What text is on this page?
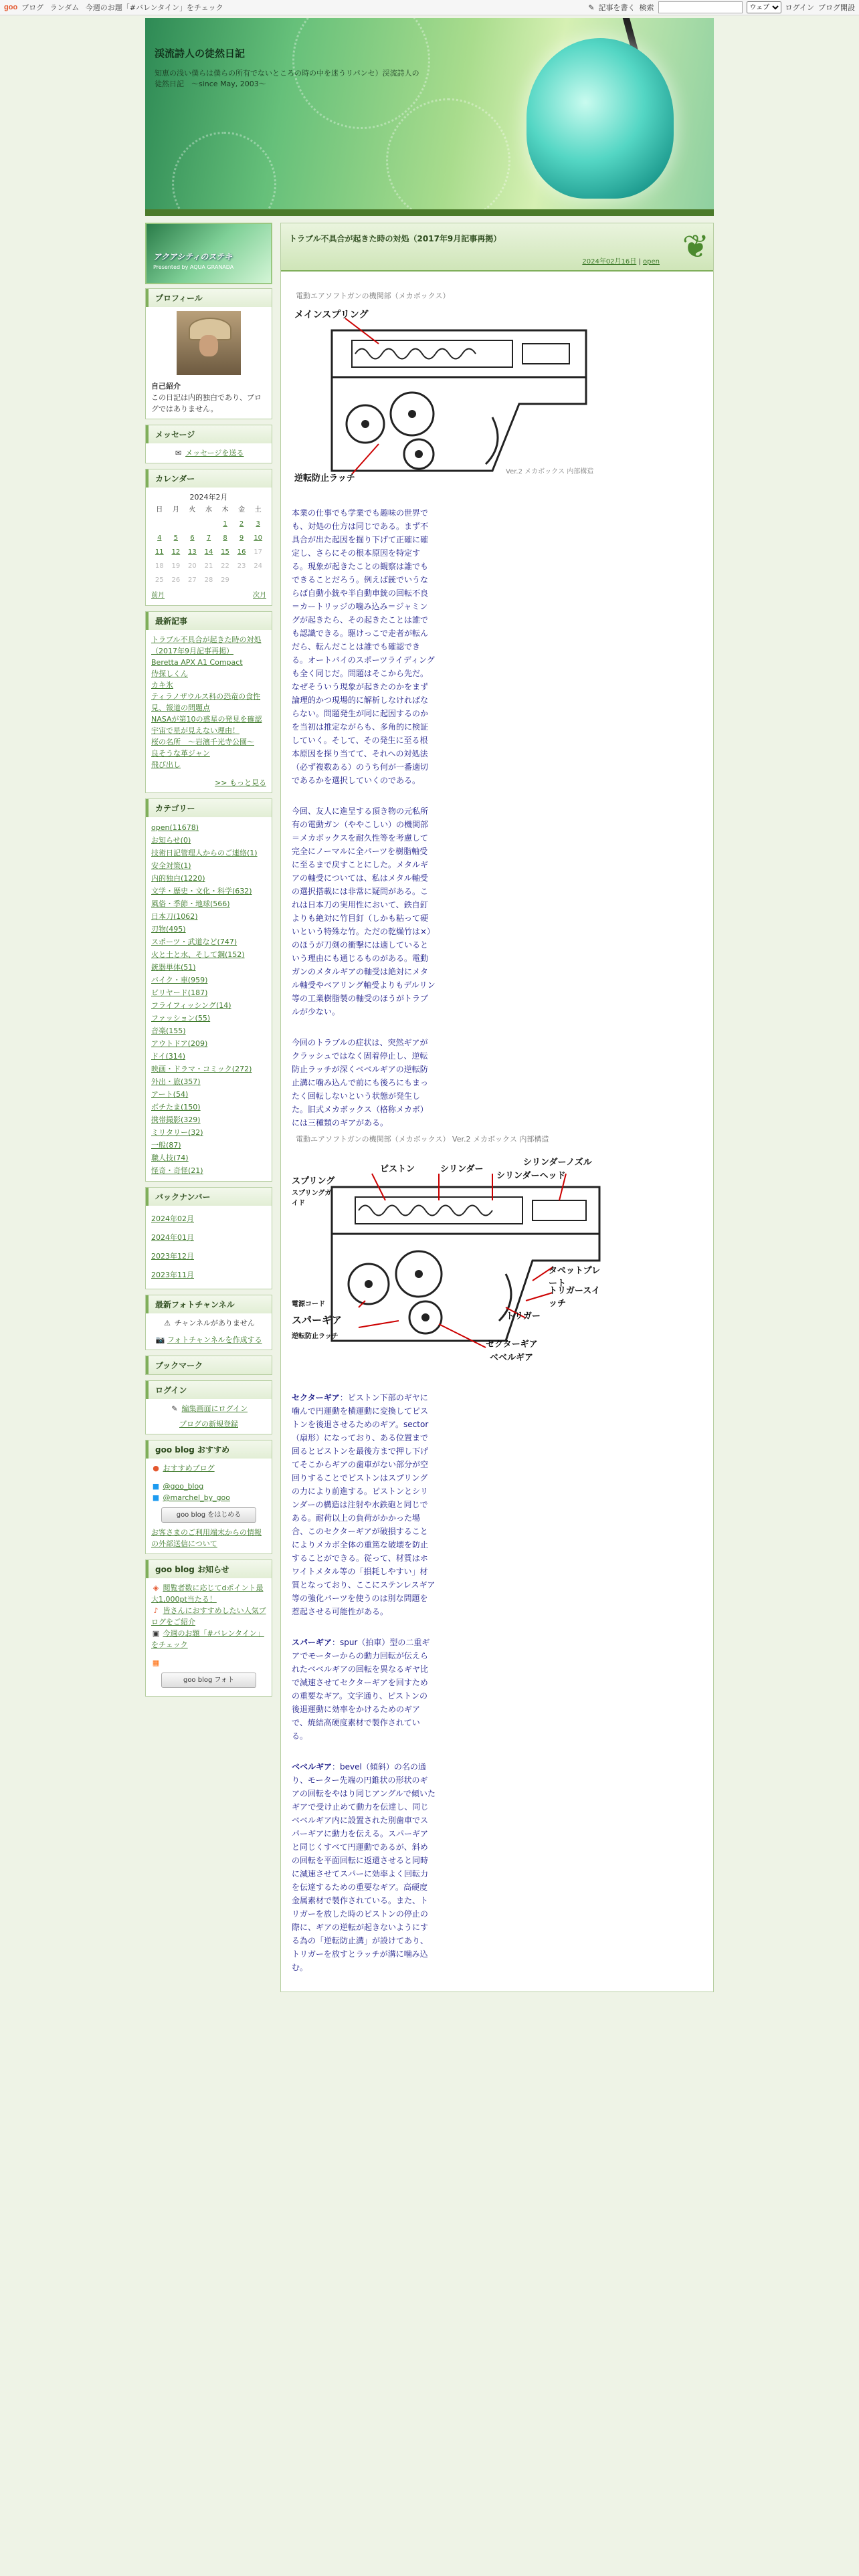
goo ブログ ランダム 今週のお題「#バレンタイン」をチェック	✎ 記事を書く 検索
ウェブ	ログイン ブログ開設
渓流詩人の徒然日記
知恵の浅い僕らは僕らの所有でないところの時の中を迷うリパンセ）渓流詩人の徒然日記　〜since May, 2003〜
アクアシティのステキ
Presented by AQUA GRANADA
プロフィール
自己紹介
この日記は内的独白であり、ブログではありません。
メッセージ
✉ メッセージを送る
カレンダー
2024年2月
日	月	火	水	木	金	土
				1	2	3
4	5	6	7	8	9	10
11	12	13	14	15	16	17
18	19	20	21	22	23	24
25	26	27	28	29		
前月	次月
最新記事
トラブル不具合が起きた時の対処（2017年9月記事再掲）
Beretta APX A1 Compact
侍探しくん
カキ氷
ティラノザウルス科の恐竜の食性見、報道の問題点
NASAが第10の惑星の発見を確認
宇宙で星が見えない理由！
桜の名所　〜岩濱千光寺公園〜
良そうな革ジャン
飛び出し
>> もっと見る
カテゴリー
open(11678)
お知らせ(0)
技術日記管理人からのご連絡(1)
安全対策(1)
内的独白(1220)
文学・歴史・文化・科学(632)
風俗・季節・地球(566)
日本刀(1062)
刃物(495)
スポーツ・武道など(747)
火と土と水、そして鋼(152)
銃器単体(51)
バイク・車(959)
ビリヤード(187)
フライフィッシング(14)
ファッション(55)
音楽(155)
アウトドア(209)
ドイ(314)
映画・ドラマ・コミック(272)
外出・旅(357)
アート(54)
ボチたま(150)
携帯撮影(329)
ミリタリー(32)
一般(87)
職人技(74)
怪奇・奇怪(21)
バックナンバー
2024年02月
2024年01月
2023年12月
2023年11月
最新フォトチャンネル
⚠ チャンネルがありません
📷 フォトチャンネルを作成する
ブックマーク
ログイン
✎ 編集画面にログイン
ブログの新規登録
goo blog おすすめ
● おすすめブログ
■ @goo_blog
■ @marchel_by_goo
goo blog をはじめる
お客さまのご利用端末からの情報の外部送信について
goo blog お知らせ
◈ 閲覧者数に応じてdポイント最大1,000pt当たる！
♪ 皆さんにおすすめしたい人気ブログをご紹介
▣ 今週のお題「#バレンタイン」をチェック
▦
goo blog フォト
トラブル不具合が起きた時の対処（2017年9月記事再掲）
2024年02月16日 | open ❦
電動エアソフトガンの機関部（メカボックス）
メインスプリング
逆転防止ラッチ
Ver.2 メカボックス 内部構造

本業の仕事でも学業でも趣味の世界でも、対処の仕方は同じである。まず不具合が出た起因を掘り下げて正確に確定し、さらにその根本原因を特定する。現象が起きたことの観察は誰でもできることだろう。例えば銃でいうならば自動小銃や半自動車銃の回転不良＝カートリッジの噛み込み＝ジャミングが起きたら、その起きたことは誰でも認識できる。駆けっこで走者が転んだら、転んだことは誰でも確認できる。オートバイのスポーツライディングも全く同じだ。問題はそこから先だ。なぜそういう現象が起きたのかをまず論理的かつ現場的に解析しなければならない。問題発生が同に起因するのかを当初は推定ながらも、多角的に検証していく。そして、その発生に至る根本原因を探り当てて、それへの対処法（必ず複数ある）のうち何が一番適切であるかを選択していくのである。

今回、友人に進呈する頂き物の元私所有の電動ガン（ややこしい）の機関部＝メカボックスを耐久性等を考慮して完全にノーマルに全パーツを樹脂軸受に至るまで戻すことにした。メタルギアの軸受については、私はメタル軸受の選択搭載には非常に疑問がある。これは日本刀の実用性において、鉄自釘よりも絶対に竹目釘（しかも粘って硬いという特殊な竹。ただの乾燥竹は×）のほうが刀剣の衝撃には適しているという理由にも通じるものがある。電動ガンのメタルギアの軸受は絶対にメタル軸受やベアリング軸受よりもデルリン等の工業樹脂製の軸受のほうがトラブルが少ない。

今回のトラブルの症状は、突然ギアがクラッシュではなく固着停止し、逆転防止ラッチが深くベベルギアの逆転防止溝に噛み込んで前にも後ろにもまったく回転しないという状態が発生した。旧式メカボックス（格称メカボ）には三種類のギアがある。

電動エアソフトガンの機関部（メカボックス） Ver.2 メカボックス 内部構造
スプリング
ピストン	シリンダー
シリンダーノズル
シリンダーヘッド
スプリングガイド
タペットプレート
トリガースイッチ
電源コード
スパーギア	トリガー
逆転防止ラッチ
セクターギア
ベベルギア

セクターギア：ピストン下部のギヤに噛んで円運動を横運動に変換してピストンを後退させるためのギア。sector（扇形）になっており、ある位置まで回るとピストンを最後方まで押し下げてそこからギアの歯車がない部分が空回りすることでピストンはスプリングの力により前進する。ピストンとシリンダーの構造は注射や水鉄砲と同じである。耐荷以上の負荷がかかった場合、このセクターギアが破損することによりメカボ全体の重篤な破壊を防止することができる。従って、材質はホワイトメタル等の「損耗しやすい」材質となっており、ここにステンレスギア等の強化パーツを使うのは別な問題を惹起させる可能性がある。

スパーギア：spur（拍車）型の二重ギアでモーターからの動力回転が伝えられたベベルギアの回転を異なるギヤ比で減速させてセクターギアを回すための重要なギア。文字通り、ピストンの後退運動に効率をかけるためのギアで、焼結高硬度素材で製作されている。

ベベルギア：bevel（傾斜）の名の通り、モーター先端の円錐状の形状のギアの回転をやはり同じアングルで傾いたギアで受け止めて動力を伝達し、同じベベルギア内に設置された別歯車でスパーギアに動力を伝える。スパーギアと同じくすべて円運動であるが、斜めの回転を平面回転に返還させると同時に減速させてスパーに効率よく回転力を伝達するための重要なギア。高硬度金属素材で製作されている。また、トリガーを放した時のピストンの停止の際に、ギアの逆転が起きないようにする為の「逆転防止溝」が設けてあり、トリガーを放すとラッチが溝に噛み込む。
